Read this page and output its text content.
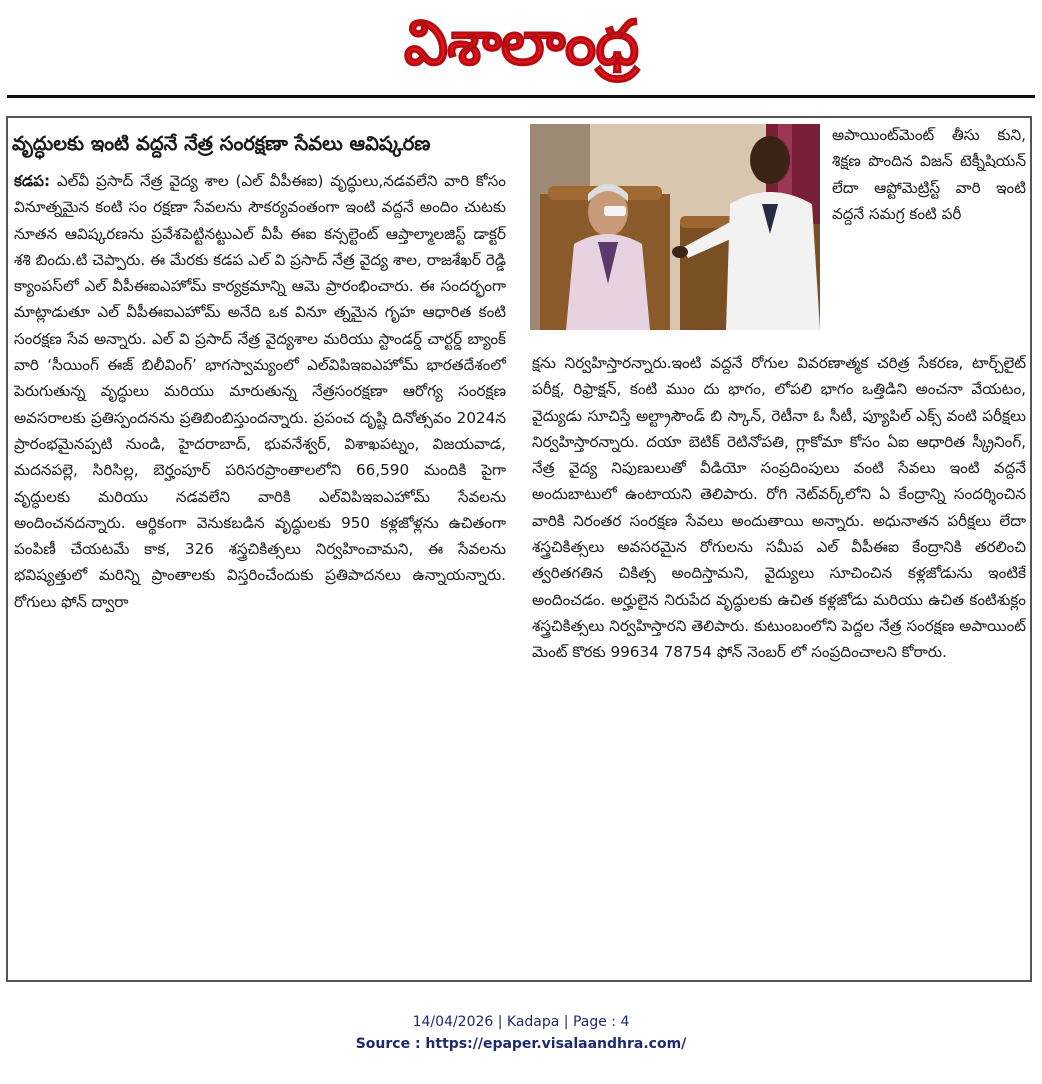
విశాలాంధ్ర
వృద్ధులకు ఇంటి వద్దనే నేత్ర సంరక్షణా సేవలు ఆవిష్కరణ

కడప: ఎల్‌వీ ప్రసాద్ నేత్ర వైద్య శాల (ఎల్ వీపీఈఐ) వృద్ధులు,నడవలేని వారి కోసం వినూత్నమైన కంటి సం రక్షణా సేవలను సౌకర్యవంతంగా ఇంటి వద్దనే అందిం చుటకు నూతన ఆవిష్కరణను ప్రవేశపెట్టినట్టుఎల్ వీపీ ఈఐ కన్సల్టెంట్ ఆప్తాల్మాలజిస్ట్ డాక్టర్ శశి బిందు.టి చెప్పారు. ఈ మేరకు కడప ఎల్ వి ప్రసాద్ నేత్ర వైద్య శాల, రాజశేఖర్ రెడ్డి క్యాంపస్‌లో ఎల్ వీపీఈఐఎహోమ్ కార్యక్రమాన్ని ఆమె ప్రారంభించారు. ఈ సందర్భంగా మాట్లాడుతూ ఎల్ వీపీఈఐఎహోమ్ అనేది ఒక వినూ త్నమైన గృహ ఆధారిత కంటి సంరక్షణ సేవ అన్నారు. ఎల్ వి ప్రసాద్ నేత్ర వైద్యశాల మరియు స్టాండర్డ్ చార్టర్డ్ బ్యాంక్ వారి ‘సీయింగ్ ఈజ్ బిలీవింగ్’ భాగస్వామ్యంలో ఎల్‌విపిఇఐఎహోమ్ భారతదేశంలో పెరుగుతున్న వృద్ధులు మరియు మారుతున్న నేత్రసంరక్షణా ఆరోగ్య సంరక్షణ అవసరాలకు ప్రతిస్పందనను ప్రతిబింబిస్తుందన్నారు. ప్రపంచ దృష్టి దినోత్సవం 2024న ప్రారంభమైనప్పటి నుండి, హైదరాబాద్, భువనేశ్వర్, విశాఖపట్నం, విజయవాడ, మదనపల్లె, సిరిసిల్ల, బెర్హంపూర్ పరిసరప్రాంతాలలోని 66,590 మందికి పైగా వృద్ధులకు మరియు నడవలేని వారికి ఎల్‌విపిఇఐఎహోమ్ సేవలను అందించనదన్నారు. ఆర్థికంగా వెనుకబడిన వృద్ధులకు 950 కళ్లజోళ్లను ఉచితంగా పంపిణీ చేయటమే కాక, 326 శస్త్రచికిత్సలు నిర్వహించామని, ఈ సేవలను భవిష్యత్తులో మరిన్ని ప్రాంతాలకు విస్తరించేందుకు ప్రతిపాదనలు ఉన్నాయన్నారు. రోగులు ఫోన్ ద్వారా

అపాయింట్‌మెంట్ తీసు కుని, శిక్షణ పొందిన విజన్ టెక్నీషియన్ లేదా ఆప్టోమెట్రిస్ట్ వారి ఇంటి వద్దనే సమగ్ర కంటి పరీ

క్షను నిర్వహిస్తారన్నారు.ఇంటి వద్దనే రోగుల వివరణాత్మక చరిత్ర సేకరణ, టార్చ్‌లైట్ పరీక్ష, రిఫ్రాక్షన్, కంటి ముం దు భాగం, లోపలి భాగం ఒత్తిడిని అంచనా వేయటం, వైద్యుడు సూచిస్తే అల్ట్రాసౌండ్ బి స్కాన్, రెటీనా ఓ సీటీ, ప్యూపిల్ ఎక్స్ వంటి పరీక్షలు నిర్వహిస్తారన్నారు. దయా బెటిక్ రెటినోపతి, గ్లాకోమా కోసం ఏఐ ఆధారిత స్క్రీనింగ్, నేత్ర వైద్య నిపుణులుతో వీడియో సంప్రదింపులు వంటి సేవలు ఇంటి వద్దనే అందుబాటులో ఉంటాయని తెలిపారు. రోగి నెట్‌వర్క్‌లోని ఏ కేంద్రాన్ని సందర్శించిన వారికి నిరంతర సంరక్షణ సేవలు అందుతాయి అన్నారు. అధునాతన పరీక్షలు లేదా శస్త్రచికిత్సలు అవసరమైన రోగులను సమీప ఎల్ వీపీఈఐ కేంద్రానికి తరలించి త్వరితగతిన చికిత్స అందిస్తామని, వైద్యులు సూచించిన కళ్లజోడును ఇంటికే అందించడం. అర్హులైన నిరుపేద వృద్ధులకు ఉచిత కళ్లజోడు మరియు ఉచిత కంటిశుక్లం శస్త్రచికిత్సలు నిర్వహిస్తారని తెలిపారు. కుటుంబంలోని పెద్దల నేత్ర సంరక్షణ అపాయింట్ మెంట్ కొరకు 99634 78754 ఫోన్ నెంబర్ లో సంప్రదించాలని కోరారు.

14/04/2026 | Kadapa | Page : 4
Source : https://epaper.visalaandhra.com/
